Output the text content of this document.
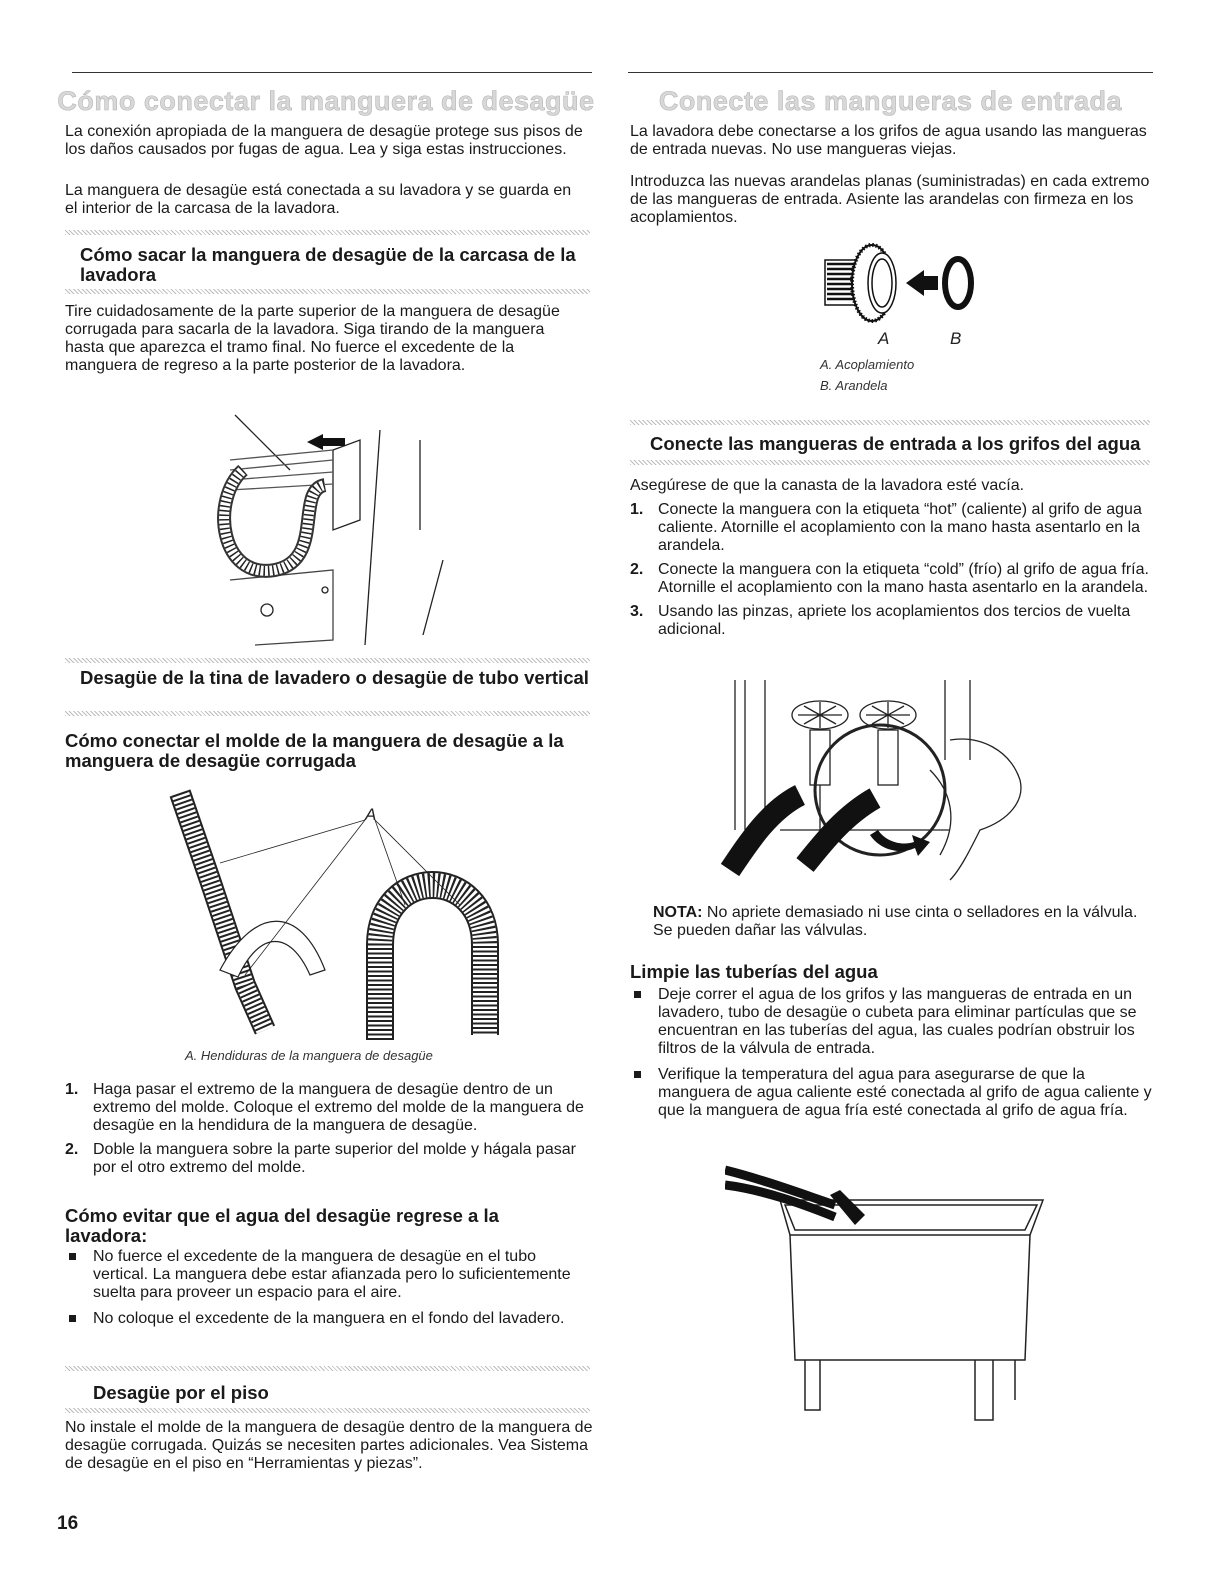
Cómo conectar la manguera de desagüe

La conexión apropiada de la manguera de desagüe protege sus pisos de los daños causados por fugas de agua. Lea y siga estas instrucciones.

La manguera de desagüe está conectada a su lavadora y se guarda en el interior de la carcasa de la lavadora.

Cómo sacar la manguera de desagüe de la carcasa de la lavadora

Tire cuidadosamente de la parte superior de la manguera de desagüe corrugada para sacarla de la lavadora. Siga tirando de la manguera hasta que aparezca el tramo final. No fuerce el excedente de la manguera de regreso a la parte posterior de la lavadora.

Desagüe de la tina de lavadero o desagüe de tubo vertical
Cómo conectar el molde de la manguera de desagüe a la manguera de desagüe corrugada
A
A. Hendiduras de la manguera de desagüe
1. Haga pasar el extremo de la manguera de desagüe dentro de un extremo del molde. Coloque el extremo del molde de la manguera de desagüe en la hendidura de la manguera de desagüe.
2. Doble la manguera sobre la parte superior del molde y hágala pasar por el otro extremo del molde.
Cómo evitar que el agua del desagüe regrese a la lavadora:
No fuerce el excedente de la manguera de desagüe en el tubo vertical. La manguera debe estar afianzada pero lo suficientemente suelta para proveer un espacio para el aire.
No coloque el excedente de la manguera en el fondo del lavadero.
Desagüe por el piso

No instale el molde de la manguera de desagüe dentro de la manguera de desagüe corrugada. Quizás se necesiten partes adicionales. Vea Sistema de desagüe en el piso en “Herramientas y piezas”.

16
Conecte las mangueras de entrada

La lavadora debe conectarse a los grifos de agua usando las mangueras de entrada nuevas. No use mangueras viejas.

Introduzca las nuevas arandelas planas (suministradas) en cada extremo de las mangueras de entrada. Asiente las arandelas con firmeza en los acoplamientos.

A	B
A. Acoplamiento
B. Arandela
Conecte las mangueras de entrada a los grifos del agua

Asegúrese de que la canasta de la lavadora esté vacía.

1. Conecte la manguera con la etiqueta “hot” (caliente) al grifo de agua caliente. Atornille el acoplamiento con la mano hasta asentarlo en la arandela.
2. Conecte la manguera con la etiqueta “cold” (frío) al grifo de agua fría. Atornille el acoplamiento con la mano hasta asentarlo en la arandela.
3. Usando las pinzas, apriete los acoplamientos dos tercios de vuelta adicional.

NOTA: No apriete demasiado ni use cinta o selladores en la válvula. Se pueden dañar las válvulas.

Limpie las tuberías del agua
Deje correr el agua de los grifos y las mangueras de entrada en un lavadero, tubo de desagüe o cubeta para eliminar partículas que se encuentran en las tuberías del agua, las cuales podrían obstruir los filtros de la válvula de entrada.
Verifique la temperatura del agua para asegurarse de que la manguera de agua caliente esté conectada al grifo de agua caliente y que la manguera de agua fría esté conectada al grifo de agua fría.
